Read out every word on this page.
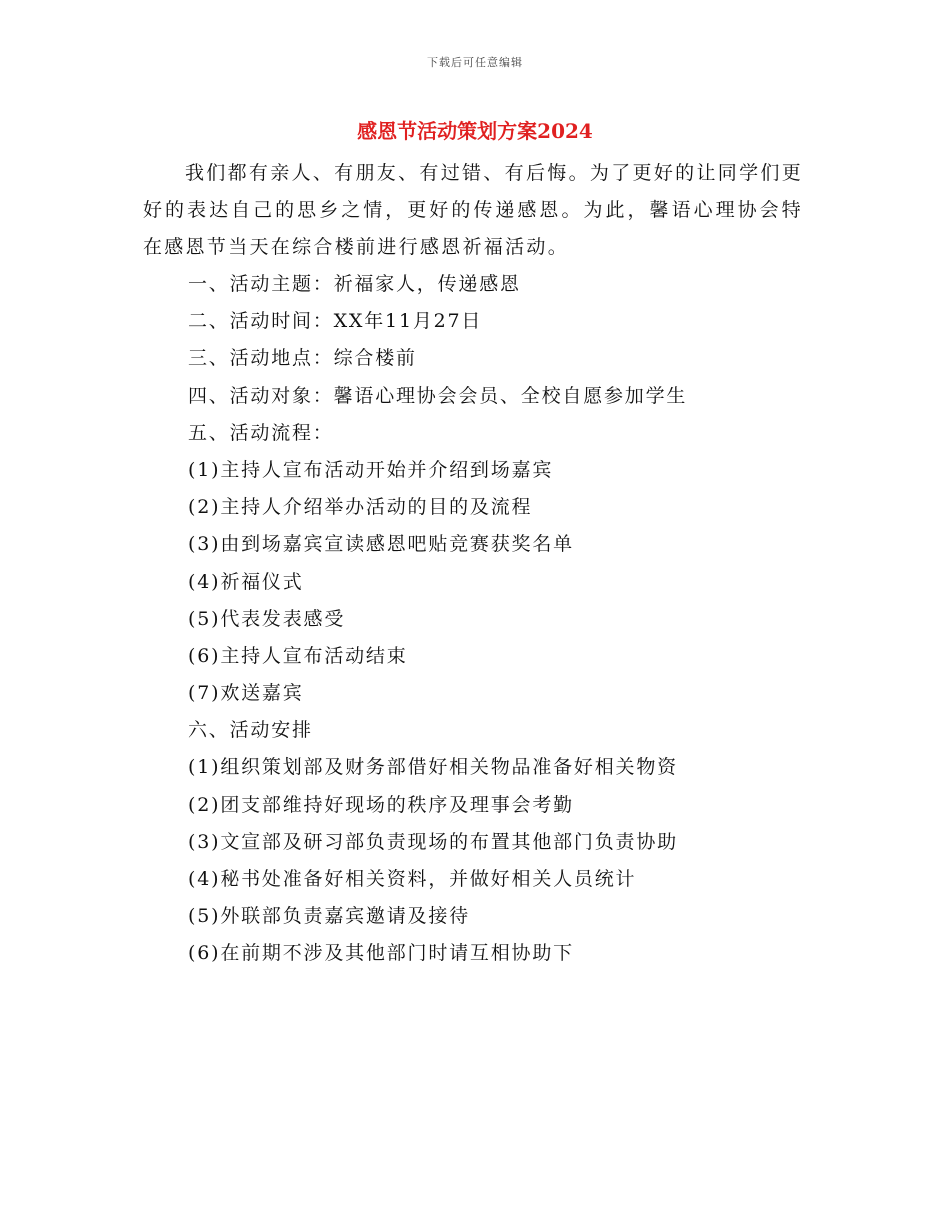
下载后可任意编辑
感恩节活动策划方案2024

我们都有亲人、有朋友、有过错、有后悔。为了更好的让同学们更好的表达自己的思乡之情，更好的传递感恩。为此，馨语心理协会特在感恩节当天在综合楼前进行感恩祈福活动。

一、活动主题：祈福家人，传递感恩
二、活动时间：XX年11月27日
三、活动地点：综合楼前
四、活动对象：馨语心理协会会员、全校自愿参加学生
五、活动流程：
(1)主持人宣布活动开始并介绍到场嘉宾
(2)主持人介绍举办活动的目的及流程
(3)由到场嘉宾宣读感恩吧贴竞赛获奖名单
(4)祈福仪式
(5)代表发表感受
(6)主持人宣布活动结束
(7)欢送嘉宾
六、活动安排
(1)组织策划部及财务部借好相关物品准备好相关物资
(2)团支部维持好现场的秩序及理事会考勤
(3)文宣部及研习部负责现场的布置其他部门负责协助
(4)秘书处准备好相关资料，并做好相关人员统计
(5)外联部负责嘉宾邀请及接待
(6)在前期不涉及其他部门时请互相协助下
